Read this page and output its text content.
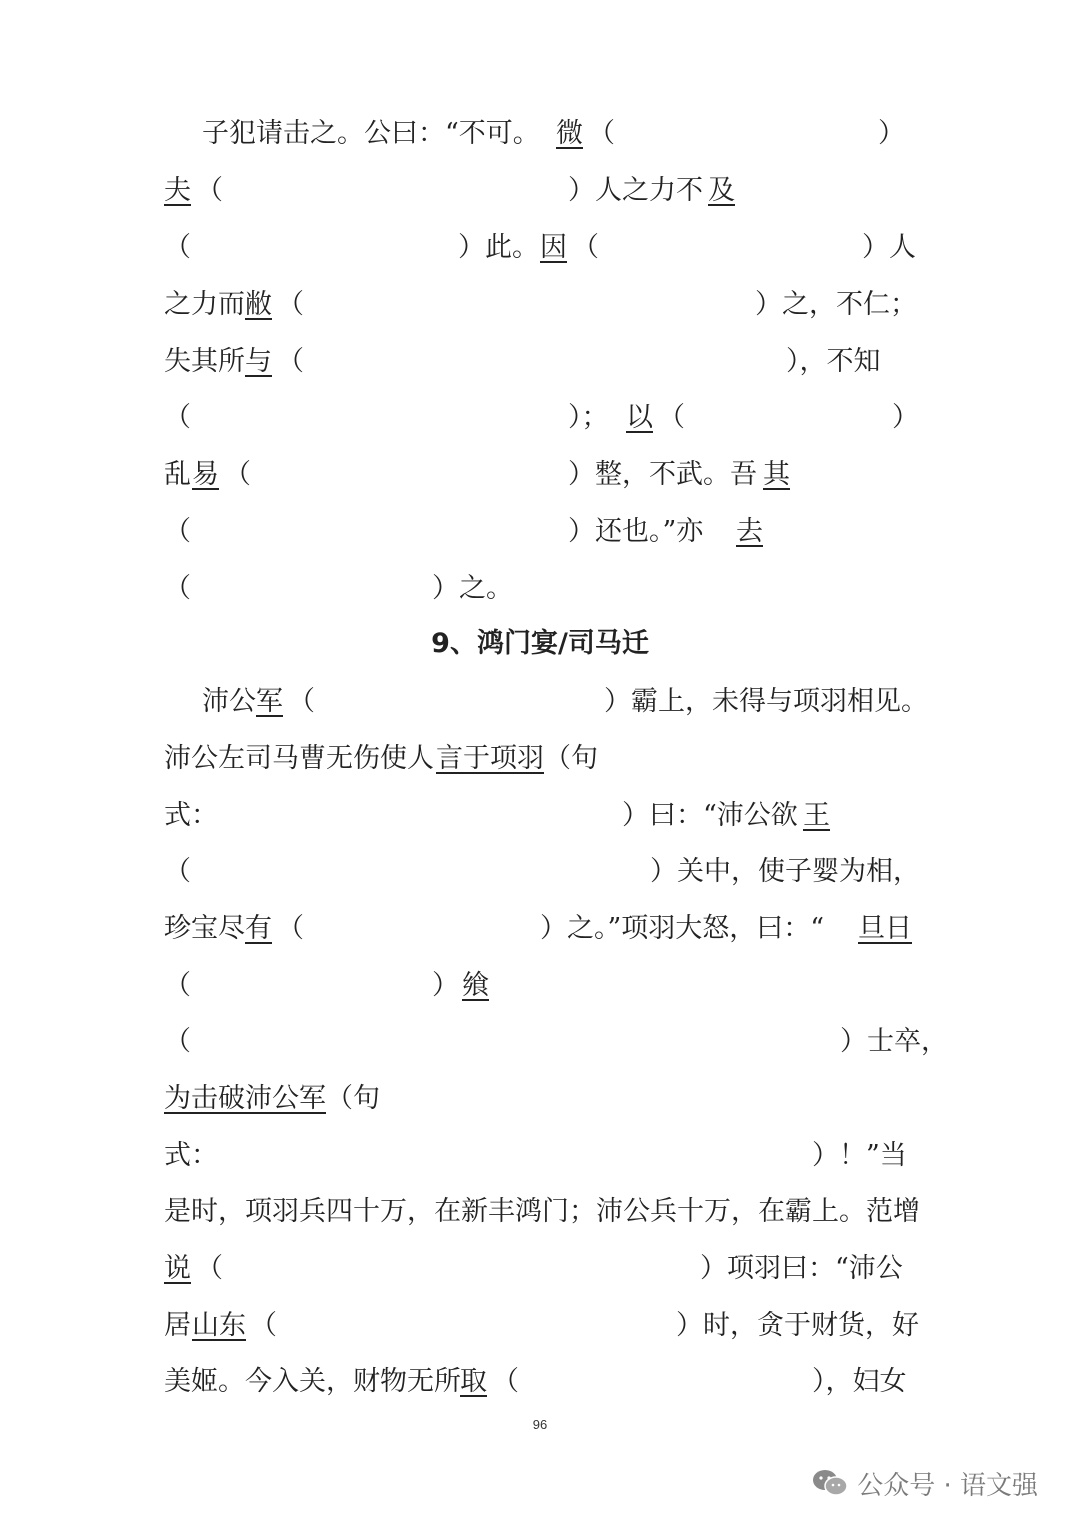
子犯请击之。公曰：“不可。 微 （	）
夫 （	）人之力不 及
（	）此。 因 （	）人
之力而 敝 （	）之，不仁；
失其所 与 （	），不知
（	）； 以 （	）
乱 易 （	）整，不武。吾 其
（	）还也。”亦 去
（	）之。
9、鸿门宴/司马迁
沛公 军 （	）霸上，未得与项羽相见。
沛公左司马曹无伤使人 言于项羽 （句
式：	）曰：“沛公欲 王
（	）关中，使子婴为相，
珍宝尽 有 （	）之。”项羽大怒，曰：“ 旦日
（	） 飨
（	）士卒，
为击破沛公军 （句
式：	）！”当
是时，项羽兵四十万，在新丰鸿门；沛公兵十万，在霸上。范增
说 （	）项羽曰：“沛公
居 山东 （	）时，贪于财货，好
美姬。今入关，财物无所 取 （	），妇女
96
公众号 · 语文强
